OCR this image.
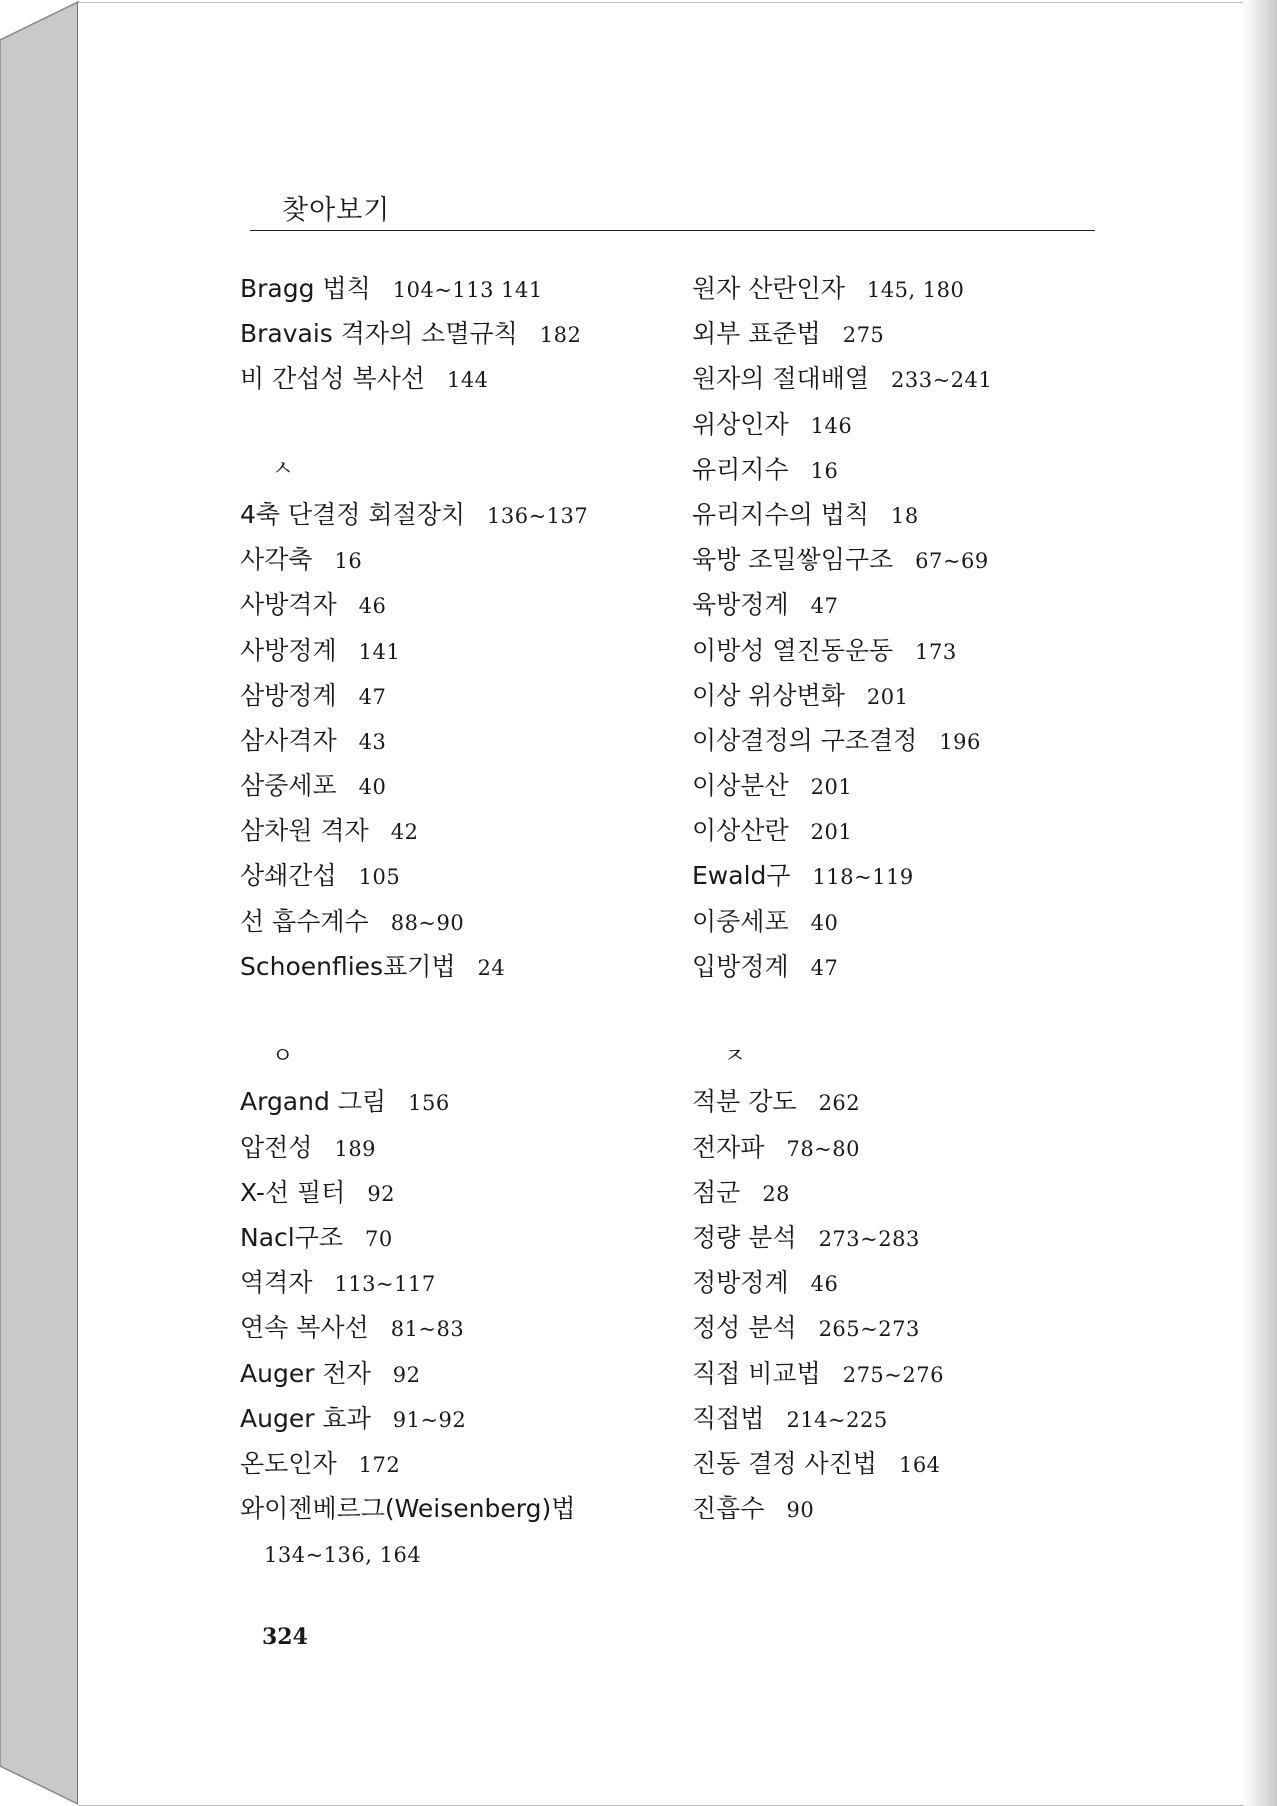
찾아보기
Bragg 법칙 104~113 141
Bravais 격자의 소멸규칙 182
비 간섭성 복사선 144
ㅅ
4축 단결정 회절장치 136~137
사각축 16
사방격자 46
사방정계 141
삼방정계 47
삼사격자 43
삼중세포 40
삼차원 격자 42
상쇄간섭 105
선 흡수계수 88~90
Schoenflies표기법 24
ㅇ
Argand 그림 156
압전성 189
X-선 필터 92
Nacl구조 70
역격자 113~117
연속 복사선 81~83
Auger 전자 92
Auger 효과 91~92
온도인자 172
와이젠베르그(Weisenberg)법
134~136, 164
원자 산란인자 145, 180
외부 표준법 275
원자의 절대배열 233~241
위상인자 146
유리지수 16
유리지수의 법칙 18
육방 조밀쌓임구조 67~69
육방정계 47
이방성 열진동운동 173
이상 위상변화 201
이상결정의 구조결정 196
이상분산 201
이상산란 201
Ewald구 118~119
이중세포 40
입방정계 47
ㅈ
적분 강도 262
전자파 78~80
점군 28
정량 분석 273~283
정방정계 46
정성 분석 265~273
직접 비교법 275~276
직접법 214~225
진동 결정 사진법 164
진흡수 90
324
